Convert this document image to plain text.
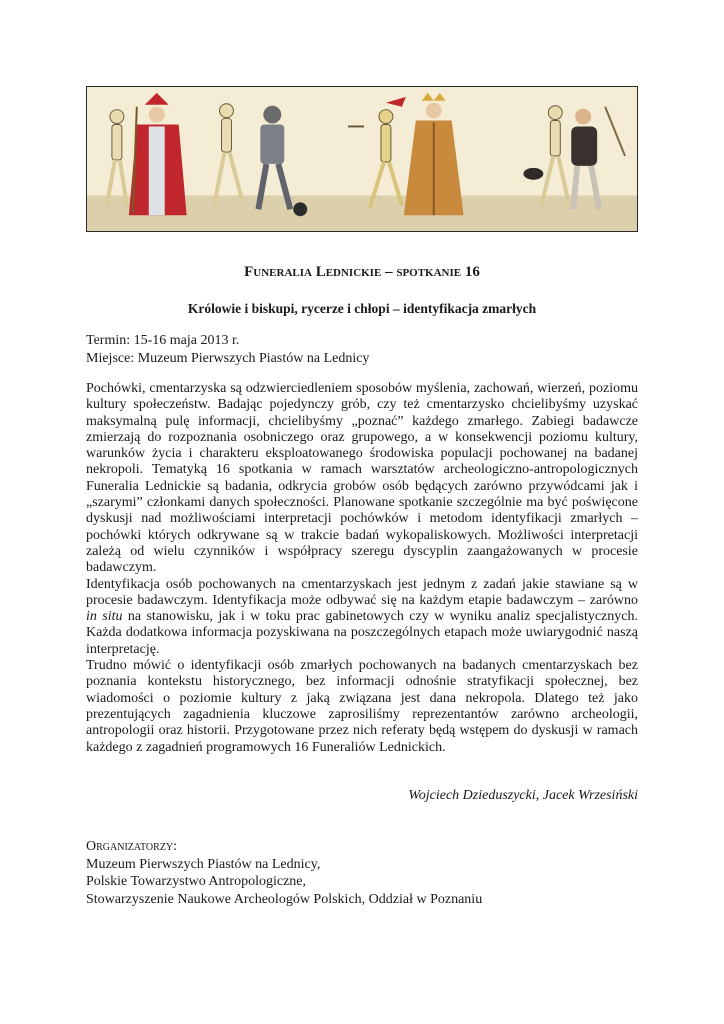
Funeralia Lednickie – spotkanie 16
Królowie i biskupi, rycerze i chłopi – identyfikacja zmarłych
Termin: 15-16 maja 2013 r.
Miejsce: Muzeum Pierwszych Piastów na Lednicy

Pochówki, cmentarzyska są odzwierciedleniem sposobów myślenia, zachowań, wierzeń, poziomu kultury społeczeństw. Badając pojedynczy grób, czy też cmentarzysko chcielibyśmy uzyskać maksymalną pulę informacji, chcielibyśmy „poznać” każdego zmarłego. Zabiegi badawcze zmierzają do rozpoznania osobniczego oraz grupowego, a w konsekwencji poziomu kultury, warunków życia i charakteru eksploatowanego środowiska populacji pochowanej na badanej nekropoli. Tematyką 16 spotkania w ramach warsztatów archeologiczno-antropologicznych Funeralia Lednickie są badania, odkrycia grobów osób będących zarówno przywódcami jak i „szarymi” członkami danych społeczności. Planowane spotkanie szczególnie ma być poświęcone dyskusji nad możliwościami interpretacji pochówków i metodom identyfikacji zmarłych – pochówki których odkrywane są w trakcie badań wykopaliskowych. Możliwości interpretacji zależą od wielu czynników i współpracy szeregu dyscyplin zaangażowanych w procesie badawczym.

Identyfikacja osób pochowanych na cmentarzyskach jest jednym z zadań jakie stawiane są w procesie badawczym. Identyfikacja może odbywać się na każdym etapie badawczym – zarówno in situ na stanowisku, jak i w toku prac gabinetowych czy w wyniku analiz specjalistycznych. Każda dodatkowa informacja pozyskiwana na poszczególnych etapach może uwiarygodnić naszą interpretację.

Trudno mówić o identyfikacji osób zmarłych pochowanych na badanych cmentarzyskach bez poznania kontekstu historycznego, bez informacji odnośnie stratyfikacji społecznej, bez wiadomości o poziomie kultury z jaką związana jest dana nekropola. Dlatego też jako prezentujących zagadnienia kluczowe zaprosiliśmy reprezentantów zarówno archeologii, antropologii oraz historii. Przygotowane przez nich referaty będą wstępem do dyskusji w ramach każdego z zagadnień programowych 16 Funeraliów Lednickich.

Wojciech Dzieduszycki, Jacek Wrzesiński
Organizatorzy:
Muzeum Pierwszych Piastów na Lednicy,
Polskie Towarzystwo Antropologiczne,
Stowarzyszenie Naukowe Archeologów Polskich, Oddział w Poznaniu
